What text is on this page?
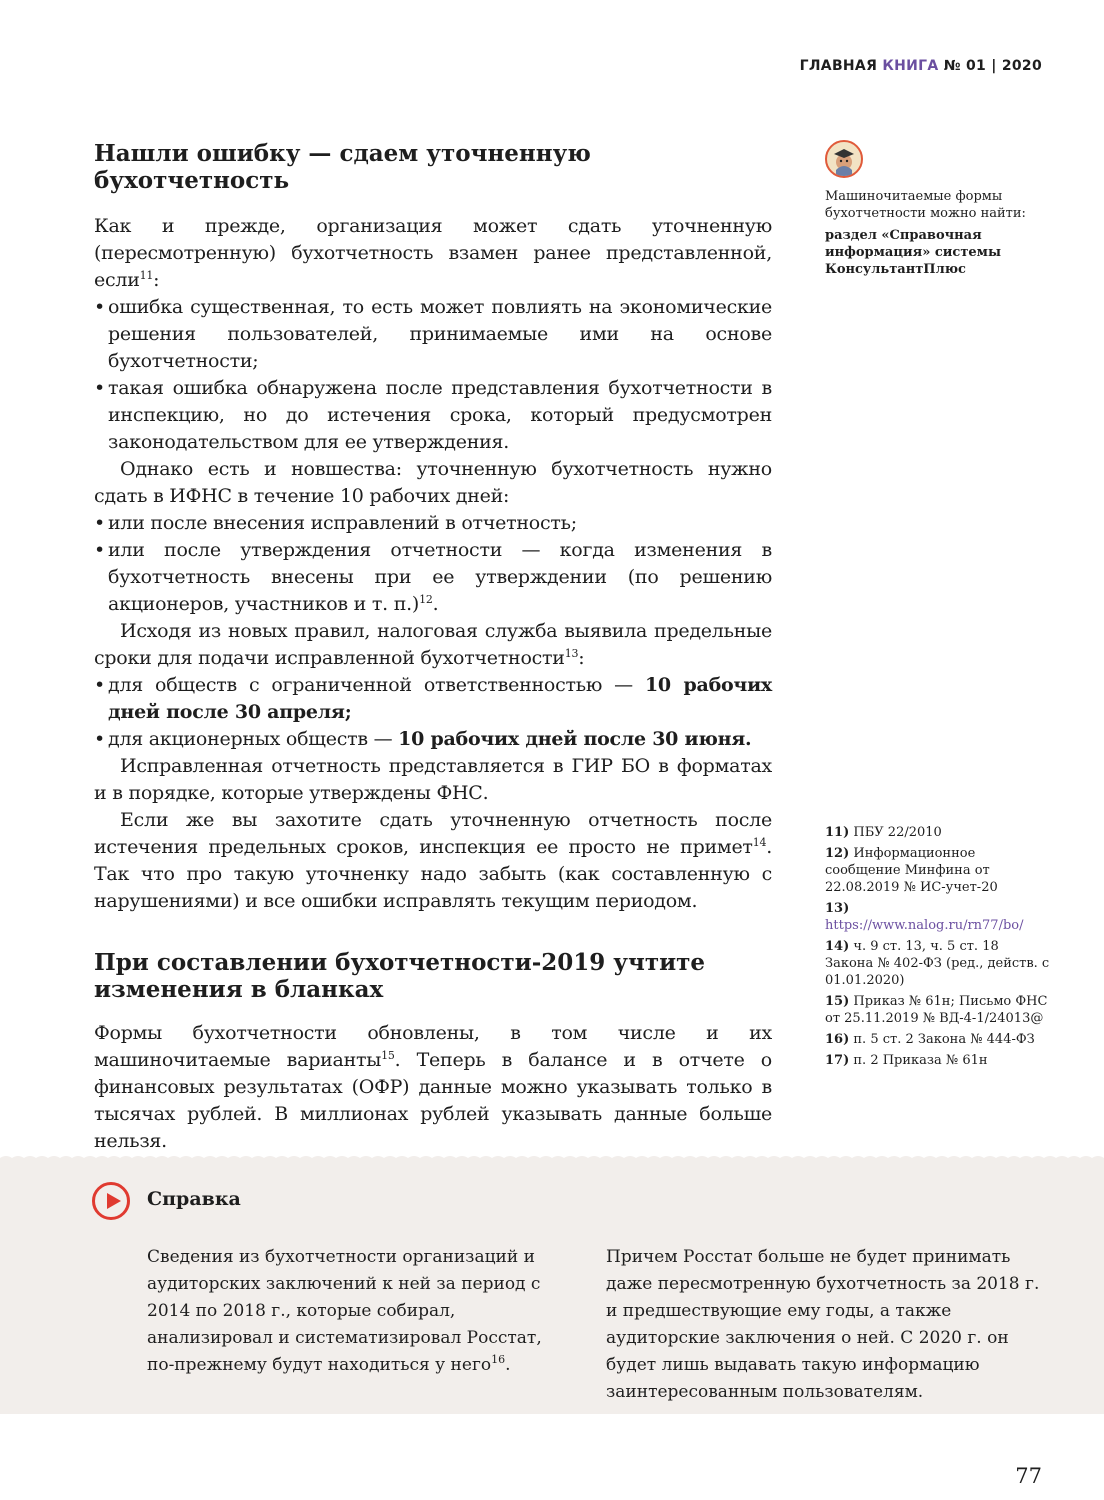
ГЛАВНАЯ КНИГА № 01 | 2020
Нашли ошибку — сдаем уточненную бухотчетность

Как и прежде, организация может сдать уточненную (пересмотренную) бухотчетность взамен ранее представленной, если$^{11}$:

• ошибка существенная, то есть может повлиять на экономические решения пользователей, принимаемые ими на основе бухотчетности;
• такая ошибка обнаружена после представления бухотчетности в инспекцию, но до истечения срока, который предусмотрен законодательством для ее утверждения.

Однако есть и новшества: уточненную бухотчетность нужно сдать в ИФНС в течение 10 рабочих дней:

• или после внесения исправлений в отчетность;
• или после утверждения отчетности — когда изменения в бухотчетность внесены при ее утверждении (по решению акционеров, участников и т. п.)$^{12}$.

Исходя из новых правил, налоговая служба выявила предельные сроки для подачи исправленной бухотчетности$^{13}$:

• для обществ с ограниченной ответственностью — 10 рабочих дней после 30 апреля;
• для акционерных обществ — 10 рабочих дней после 30 июня.

Исправленная отчетность представляется в ГИР БО в форматах и в порядке, которые утверждены ФНС.

Если же вы захотите сдать уточненную отчетность после истечения предельных сроков, инспекция ее просто не примет$^{14}$. Так что про такую уточненку надо забыть (как составленную с нарушениями) и все ошибки исправлять текущим периодом.

При составлении бухотчетности-2019 учтите изменения в бланках

Формы бухотчетности обновлены, в том числе и их машиночитаемые варианты$^{15}$. Теперь в балансе и в отчете о финансовых результатах (ОФР) данные можно указывать только в тысячах рублей. В миллионах рублей указывать данные больше нельзя.

Машиночитаемые формы бухотчетности можно найти:

раздел «Справочная информация» системы КонсультантПлюс

11) ПБУ 22/2010
12) Информационное сообщение Минфина от 22.08.2019 № ИС-учет-20
13) https://www.nalog.ru/rn77/bo/
14) ч. 9 ст. 13, ч. 5 ст. 18 Закона № 402-ФЗ (ред., действ. с 01.01.2020)
15) Приказ № 61н; Письмо ФНС от 25.11.2019 № ВД-4-1/24013@
16) п. 5 ст. 2 Закона № 444-ФЗ
17) п. 2 Приказа № 61н
Справка
Сведения из бухотчетности организаций и аудиторских заключений к ней за период с 2014 по 2018 г., которые собирал, анализировал и систематизировал Росстат, по-прежнему будут находиться у него$^{16}$.
Причем Росстат больше не будет принимать даже пересмотренную бухотчетность за 2018 г. и предшествующие ему годы, а также аудиторские заключения о ней. С 2020 г. он будет лишь выдавать такую информацию заинтересованным пользователям.
77
